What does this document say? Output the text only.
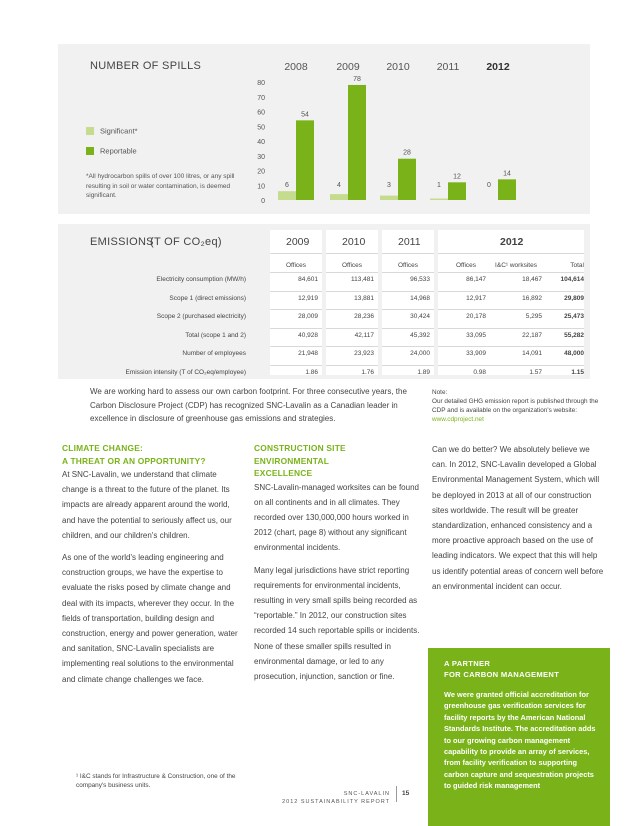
NUMBER OF SPILLS
Significant*
Reportable
*All hydrocarbon spills of over 100 litres, or any spill resulting in soil or water contamination, is deemed significant.
0
10
20
30
40
50
60
70
80
2008	2009	2010	2011	2012
6	4	3	1	0
54
78
28
12	14
EMISSIONS
(T OF CO₂eq)	2009	2010	2011	2012
Offices	Offices	Offices	Offices	I&C¹ worksites	Total
Electricity consumption (MW/h)	84,601	113,481	96,533	86,147	18,467	104,614
Scope 1 (direct emissions)	12,919	13,881	14,968	12,917	16,892	29,809
Scope 2 (purchased electricity)	28,009	28,236	30,424	20,178	5,295	25,473
Total (scope 1 and 2)	40,928	42,117	45,392	33,095	22,187	55,282
Number of employees	21,948	23,923	24,000	33,909	14,091	48,000
Emission intensity (T of CO₂eq/employee)	1.86	1.76	1.89	0.98	1.57	1.15
We are working hard to assess our own carbon footprint. For three consecutive years, the Carbon Disclosure Project (CDP) has recognized SNC-Lavalin as a Canadian leader in excellence in disclosure of greenhouse gas emissions and strategies.
Note:
Our detailed GHG emission report is published through the CDP and is available on the organization's website: www.cdproject.net
CLIMATE CHANGE:
A THREAT OR AN OPPORTUNITY?
At SNC-Lavalin, we understand that climate change is a threat to the future of the planet. Its impacts are already apparent around the world, and have the potential to seriously affect us, our children, and our children's children.
As one of the world's leading engineering and construction groups, we have the expertise to evaluate the risks posed by climate change and deal with its impacts, wherever they occur. In the fields of transportation, building design and construction, energy and power generation, water and sanitation, SNC-Lavalin specialists are implementing real solutions to the environmental and climate change challenges we face.
CONSTRUCTION SITE ENVIRONMENTAL
EXCELLENCE
SNC-Lavalin-managed worksites can be found on all continents and in all climates. They recorded over 130,000,000 hours worked in 2012 (chart, page 8) without any significant environmental incidents.
Many legal jurisdictions have strict reporting requirements for environmental incidents, resulting in very small spills being recorded as “reportable.” In 2012, our construction sites recorded 14 such reportable spills or incidents. None of these smaller spills resulted in environmental damage, or led to any prosecution, injunction, sanction or fine.
Can we do better? We absolutely believe we can. In 2012, SNC-Lavalin developed a Global Environmental Management System, which will be deployed in 2013 at all of our construction sites worldwide. The result will be greater standardization, enhanced consistency and a more proactive approach based on the use of leading indicators. We expect that this will help us identify potential areas of concern well before an environmental incident can occur.
A PARTNER
FOR CARBON MANAGEMENT
We were granted official accreditation for greenhouse gas verification services for facility reports by the American National Standards Institute. The accreditation adds to our growing carbon management capability to provide an array of services, from facility verification to supporting carbon capture and sequestration projects to guided risk management
¹ I&C stands for Infrastructure & Construction, one of the company's business units.
SNC-LAVALIN
2012 SUSTAINABILITY REPORT
15
